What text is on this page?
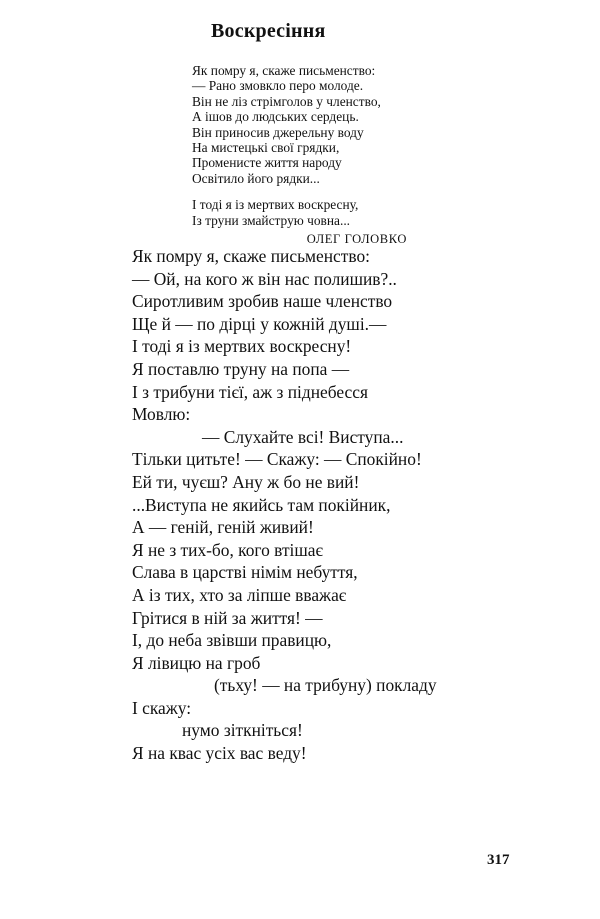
Воскресіння
Як помру я, скаже письменство:
— Рано змовкло перо молоде.
Він не ліз стрімголов у членство,
А ішов до людських сердець.
Він приносив джерельну воду
На мистецькі свої грядки,
Променисте життя народу
Освітило його рядки...
І тоді я із мертвих воскресну,
Із труни змайструю човна...
ОЛЕГ ГОЛОВКО
Як помру я, скаже письменство:
— Ой, на кого ж він нас полишив?..
Сиротливим зробив наше членство
Ще й — по дірці у кожній душі.—
І тоді я із мертвих воскресну!
Я поставлю труну на попа —
І з трибуни тієї, аж з піднебесся
Мовлю:
— Слухайте всі! Виступа...
Тільки цитьте! — Скажу: — Спокійно!
Ей ти, чуєш? Ану ж бо не вий!
...Виступа не якийсь там покійник,
А — геній, геній живий!
Я не з тих-бо, кого втішає
Слава в царстві німім небуття,
А із тих, хто за ліпше вважає
Грітися в ній за життя! —
І, до неба звівши правицю,
Я лівицю на гроб
(тьху! — на трибуну) покладу
І скажу:
нумо зіткніться!
Я на квас усіх вас веду!
317
